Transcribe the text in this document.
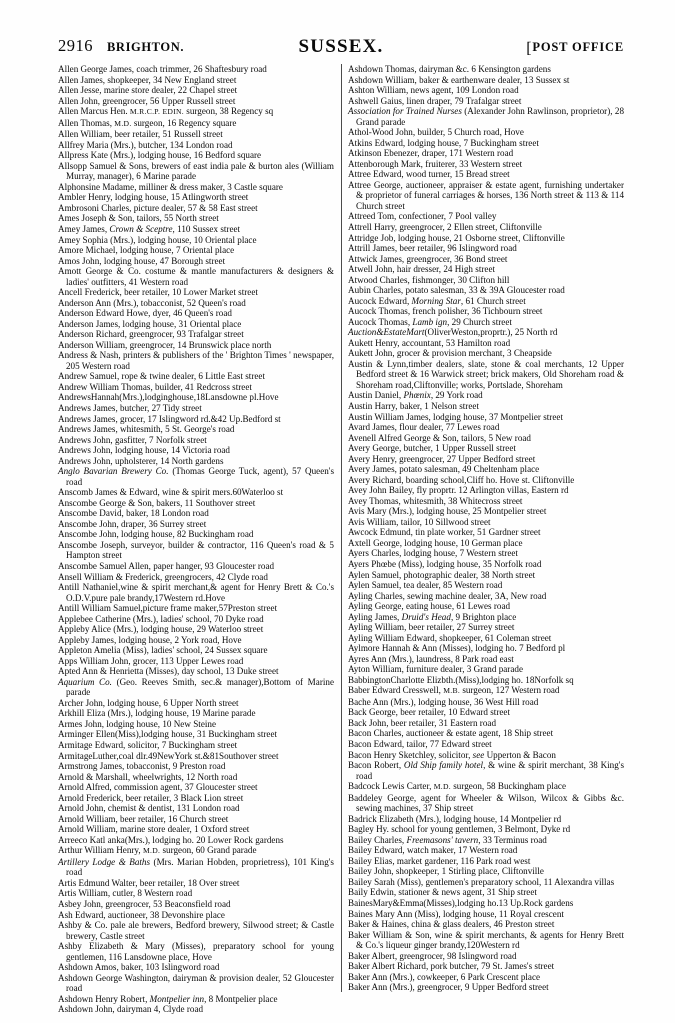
2916 BRIGHTON.	SUSSEX.	[POST OFFICE

Allen George James, coach trimmer, 26 Shaftesbury road

Allen James, shopkeeper, 34 New England street

Allen Jesse, marine store dealer, 22 Chapel street

Allen John, greengrocer, 56 Upper Russell street

Allen Marcus Hen. M.R.C.P. EDIN. surgeon, 38 Regency sq

Allen Thomas, M.D. surgeon, 16 Regency square

Allen William, beer retailer, 51 Russell street

Allfrey Maria (Mrs.), butcher, 134 London road

Allpress Kate (Mrs.), lodging house, 16 Bedford square

Allsopp Samuel & Sons, brewers of east india pale & burton ales (William Murray, manager), 6 Marine parade

Alphonsine Madame, milliner & dress maker, 3 Castle square

Ambler Henry, lodging house, 15 Atlingworth street

Ambrosoni Charles, picture dealer, 57 & 58 East street

Ames Joseph & Son, tailors, 55 North street

Amey James, Crown & Sceptre, 110 Sussex street

Amey Sophia (Mrs.), lodging house, 10 Oriental place

Amore Michael, lodging house, 7 Oriental place

Amos John, lodging house, 47 Borough street

Amott George & Co. costume & mantle manufacturers & designers & ladies' outfitters, 41 Western road

Ancell Frederick, beer retailer, 10 Lower Market street

Anderson Ann (Mrs.), tobacconist, 52 Queen's road

Anderson Edward Howe, dyer, 46 Queen's road

Anderson James, lodging house, 31 Oriental place

Anderson Richard, greengrocer, 93 Trafalgar street

Anderson William, greengrocer, 14 Brunswick place north

Andress & Nash, printers & publishers of the ' Brighton Times ' newspaper, 205 Western road

Andrew Samuel, rope & twine dealer, 6 Little East street

Andrew William Thomas, builder, 41 Redcross street

AndrewsHannah(Mrs.),lodginghouse,18Lansdowne pl.Hove

Andrews James, butcher, 27 Tidy street

Andrews James, grocer, 17 Islingword rd.&42 Up.Bedford st

Andrews James, whitesmith, 5 St. George's road

Andrews John, gasfitter, 7 Norfolk street

Andrews John, lodging house, 14 Victoria road

Andrews John, upholsterer, 14 North gardens

Anglo Bavarian Brewery Co. (Thomas George Tuck, agent), 57 Queen's road

Anscomb James & Edward, wine & spirit mers.60Waterloo st

Anscombe George & Son, bakers, 11 Southover street

Anscombe David, baker, 18 London road

Anscombe John, draper, 36 Surrey street

Anscombe John, lodging house, 82 Buckingham road

Anscombe Joseph, surveyor, builder & contractor, 116 Queen's road & 5 Hampton street

Anscombe Samuel Allen, paper hanger, 93 Gloucester road

Ansell William & Frederick, greengrocers, 42 Clyde road

Antill Nathaniel,wine & spirit merchant,& agent for Henry Brett & Co.'s O.D.V.pure pale brandy,17Western rd.Hove

Antill William Samuel,picture frame maker,57Preston street

Applebee Catherine (Mrs.), ladies' school, 70 Dyke road

Appleby Alice (Mrs.), lodging house, 29 Waterloo street

Appleby James, lodging house, 2 York road, Hove

Appleton Amelia (Miss), ladies' school, 24 Sussex square

Apps William John, grocer, 113 Upper Lewes road

Apted Ann & Henrietta (Misses), day school, 13 Duke street

Aquarium Co. (Geo. Reeves Smith, sec.& manager),Bottom of Marine parade

Archer John, lodging house, 6 Upper North street

Arkhill Eliza (Mrs.), lodging house, 19 Marine parade

Armes John, lodging house, 10 New Steine

Arminger Ellen(Miss),lodging house, 31 Buckingham street

Armitage Edward, solicitor, 7 Buckingham street

ArmitageLuther,coal dlr.49NewYork st.&81Southover street

Armstrong James, tobacconist, 9 Preston road

Arnold & Marshall, wheelwrights, 12 North road

Arnold Alfred, commission agent, 37 Gloucester street

Arnold Frederick, beer retailer, 3 Black Lion street

Arnold John, chemist & dentist, 131 London road

Arnold William, beer retailer, 16 Church street

Arnold William, marine store dealer, 1 Oxford street

Arreeco Katl anka(Mrs.), lodging ho. 20 Lower Rock gardens

Arthur William Henry, M.D. surgeon, 60 Grand parade

Artillery Lodge & Baths (Mrs. Marian Hobden, proprietress), 101 King's road

Artis Edmund Walter, beer retailer, 18 Over street

Artis William, cutler, 8 Western road

Asbey John, greengrocer, 53 Beaconsfield road

Ash Edward, auctioneer, 38 Devonshire place

Ashby & Co. pale ale brewers, Bedford brewery, Silwood street; & Castle brewery, Castle street

Ashby Elizabeth & Mary (Misses), preparatory school for young gentlemen, 116 Lansdowne place, Hove

Ashdown Amos, baker, 103 Islingword road

Ashdown George Washington, dairyman & provision dealer, 52 Gloucester road

Ashdown Henry Robert, Montpelier inn, 8 Montpelier place

Ashdown John, dairyman 4, Clyde road

Ashdown Thomas, dairyman &c. 6 Kensington gardens

Ashdown William, baker & earthenware dealer, 13 Sussex st

Ashton William, news agent, 109 London road

Ashwell Gaius, linen draper, 79 Trafalgar street

Association for Trained Nurses (Alexander John Rawlinson, proprietor), 28 Grand parade

Athol-Wood John, builder, 5 Church road, Hove

Atkins Edward, lodging house, 7 Buckingham street

Atkinson Ebenezer, draper, 171 Western road

Attenborough Mark, fruiterer, 33 Western street

Attree Edward, wood turner, 15 Bread street

Attree George, auctioneer, appraiser & estate agent, furnishing undertaker & proprietor of funeral carriages & horses, 136 North street & 113 & 114 Church street

Attreed Tom, confectioner, 7 Pool valley

Attrell Harry, greengrocer, 2 Ellen street, Cliftonville

Attridge Job, lodging house, 21 Osborne street, Cliftonville

Attrill James, beer retailer, 96 Islingword road

Attwick James, greengrocer, 36 Bond street

Atwell John, hair dresser, 24 High street

Atwood Charles, fishmonger, 30 Clifton hill

Aubin Charles, potato salesman, 33 & 39A Gloucester road

Aucock Edward, Morning Star, 61 Church street

Aucock Thomas, french polisher, 36 Tichbourn street

Aucock Thomas, Lamb ign, 29 Church street

Auction&EstateMart(OliverWeston,proprtr.), 25 North rd

Aukett Henry, accountant, 53 Hamilton road

Aukett John, grocer & provision merchant, 3 Cheapside

Austin & Lynn,timber dealers, slate, stone & coal merchants, 12 Upper Bedford street & 16 Warwick street; brick makers, Old Shoreham road & Shoreham road,Cliftonville; works, Portslade, Shoreham

Austin Daniel, Phœnix, 29 York road

Austin Harry, baker, 1 Nelson street

Austin William James, lodging house, 37 Montpelier street

Avard James, flour dealer, 77 Lewes road

Avenell Alfred George & Son, tailors, 5 New road

Avery George, butcher, 1 Upper Russell street

Avery Henry, greengrocer, 27 Upper Bedford street

Avery James, potato salesman, 49 Cheltenham place

Avery Richard, boarding school,Cliff ho. Hove st. Cliftonville

Avey John Bailey, fly proprtr. 12 Arlington villas, Eastern rd

Avey Thomas, whitesmith, 38 Whitecross street

Avis Mary (Mrs.), lodging house, 25 Montpelier street

Avis William, tailor, 10 Sillwood street

Awcock Edmund, tin plate worker, 51 Gardner street

Axtell George, lodging house, 10 German place

Ayers Charles, lodging house, 7 Western street

Ayers Phœbe (Miss), lodging house, 35 Norfolk road

Aylen Samuel, photographic dealer, 38 North street

Aylen Samuel, tea dealer, 85 Western road

Ayling Charles, sewing machine dealer, 3A, New road

Ayling George, eating house, 61 Lewes road

Ayling James, Druid's Head, 9 Brighton place

Ayling William, beer retailer, 27 Surrey street

Ayling William Edward, shopkeeper, 61 Coleman street

Aylmore Hannah & Ann (Misses), lodging ho. 7 Bedford pl

Ayres Ann (Mrs.), laundress, 8 Park road east

Ayton William, furniture dealer, 3 Grand parade

BabbingtonCharlotte Elizbth.(Miss),lodging ho. 18Norfolk sq

Baber Edward Cresswell, M.B. surgeon, 127 Western road

Bache Ann (Mrs.), lodging house, 36 West Hill road

Back George, beer retailer, 10 Edward street

Back John, beer retailer, 31 Eastern road

Bacon Charles, auctioneer & estate agent, 18 Ship street

Bacon Edward, tailor, 77 Edward street

Bacon Henry Sketchley, solicitor, see Upperton & Bacon

Bacon Robert, Old Ship family hotel, & wine & spirit merchant, 38 King's road

Badcock Lewis Carter, M.D. surgeon, 58 Buckingham place

Baddeley George, agent for Wheeler & Wilson, Wilcox & Gibbs &c. sewing machines, 37 Ship street

Badrick Elizabeth (Mrs.), lodging house, 14 Montpelier rd

Bagley Hy. school for young gentlemen, 3 Belmont, Dyke rd

Bailey Charles, Freemasons' tavern, 33 Terminus road

Bailey Edward, watch maker, 17 Western road

Bailey Elias, market gardener, 116 Park road west

Bailey John, shopkeeper, 1 Stirling place, Cliftonville

Bailey Sarah (Miss), gentlemen's preparatory school, 11 Alexandra villas

Baily Edwin, stationer & news agent, 31 Ship street

BainesMary&Emma(Misses),lodging ho.13 Up.Rock gardens

Baines Mary Ann (Miss), lodging house, 11 Royal crescent

Baker & Haines, china & glass dealers, 46 Preston street

Baker William & Son, wine & spirit merchants, & agents for Henry Brett & Co.'s liqueur ginger brandy,120Western rd

Baker Albert, greengrocer, 98 Islingword road

Baker Albert Richard, pork butcher, 79 St. James's street

Baker Ann (Mrs.), cowkeeper, 6 Park Crescent place

Baker Ann (Mrs.), greengrocer, 9 Upper Bedford street
